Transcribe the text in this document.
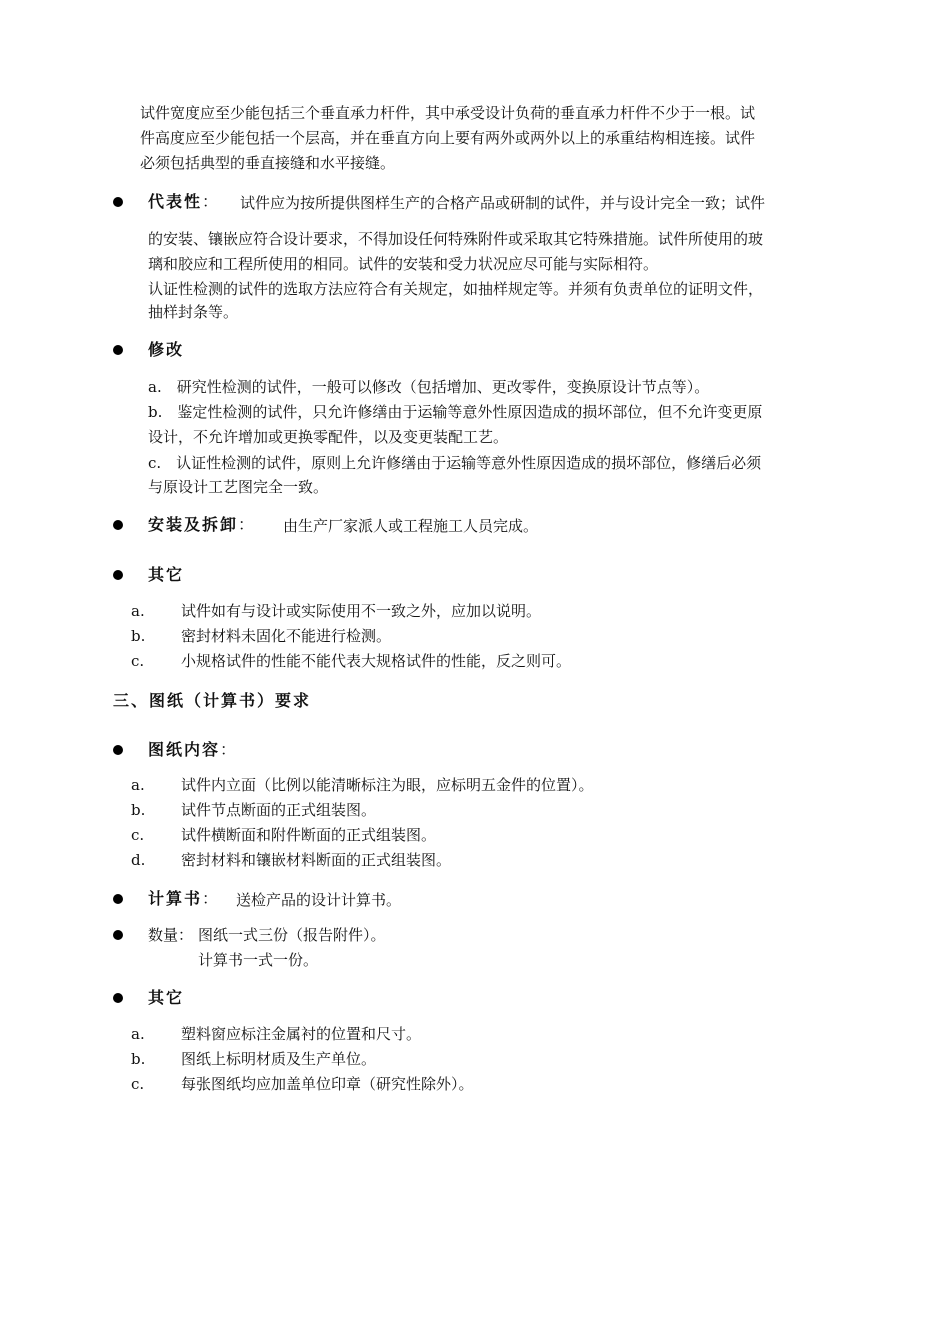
试件宽度应至少能包括三个垂直承力杆件，其中承受设计负荷的垂直承力杆件不少于一根。试
件高度应至少能包括一个层高，并在垂直方向上要有两外或两外以上的承重结构相连接。试件
必须包括典型的垂直接缝和水平接缝。
代表性： 试件应为按所提供图样生产的合格产品或研制的试件，并与设计完全一致；试件
的安装、镶嵌应符合设计要求，不得加设任何特殊附件或采取其它特殊措施。试件所使用的玻
璃和胶应和工程所使用的相同。试件的安装和受力状况应尽可能与实际相符。
认证性检测的试件的选取方法应符合有关规定，如抽样规定等。并须有负责单位的证明文件，
抽样封条等。
修改
a.　研究性检测的试件，一般可以修改（包括增加、更改零件，变换原设计节点等）。
b.　鉴定性检测的试件，只允许修缮由于运输等意外性原因造成的损坏部位，但不允许变更原
设计，不允许增加或更换零配件，以及变更装配工艺。
c.　认证性检测的试件，原则上允许修缮由于运输等意外性原因造成的损坏部位，修缮后必须
与原设计工艺图完全一致。
安装及拆卸： 由生产厂家派人或工程施工人员完成。
其它
a. 试件如有与设计或实际使用不一致之外，应加以说明。
b. 密封材料未固化不能进行检测。
c. 小规格试件的性能不能代表大规格试件的性能，反之则可。
三、图纸（计算书）要求
图纸内容：
a. 试件内立面（比例以能清晰标注为眼，应标明五金件的位置）。
b. 试件节点断面的正式组装图。
c. 试件横断面和附件断面的正式组装图。
d. 密封材料和镶嵌材料断面的正式组装图。
计算书： 送检产品的设计计算书。
数量： 图纸一式三份（报告附件）。
计算书一式一份。
其它
a. 塑料窗应标注金属衬的位置和尺寸。
b. 图纸上标明材质及生产单位。
c. 每张图纸均应加盖单位印章（研究性除外）。
